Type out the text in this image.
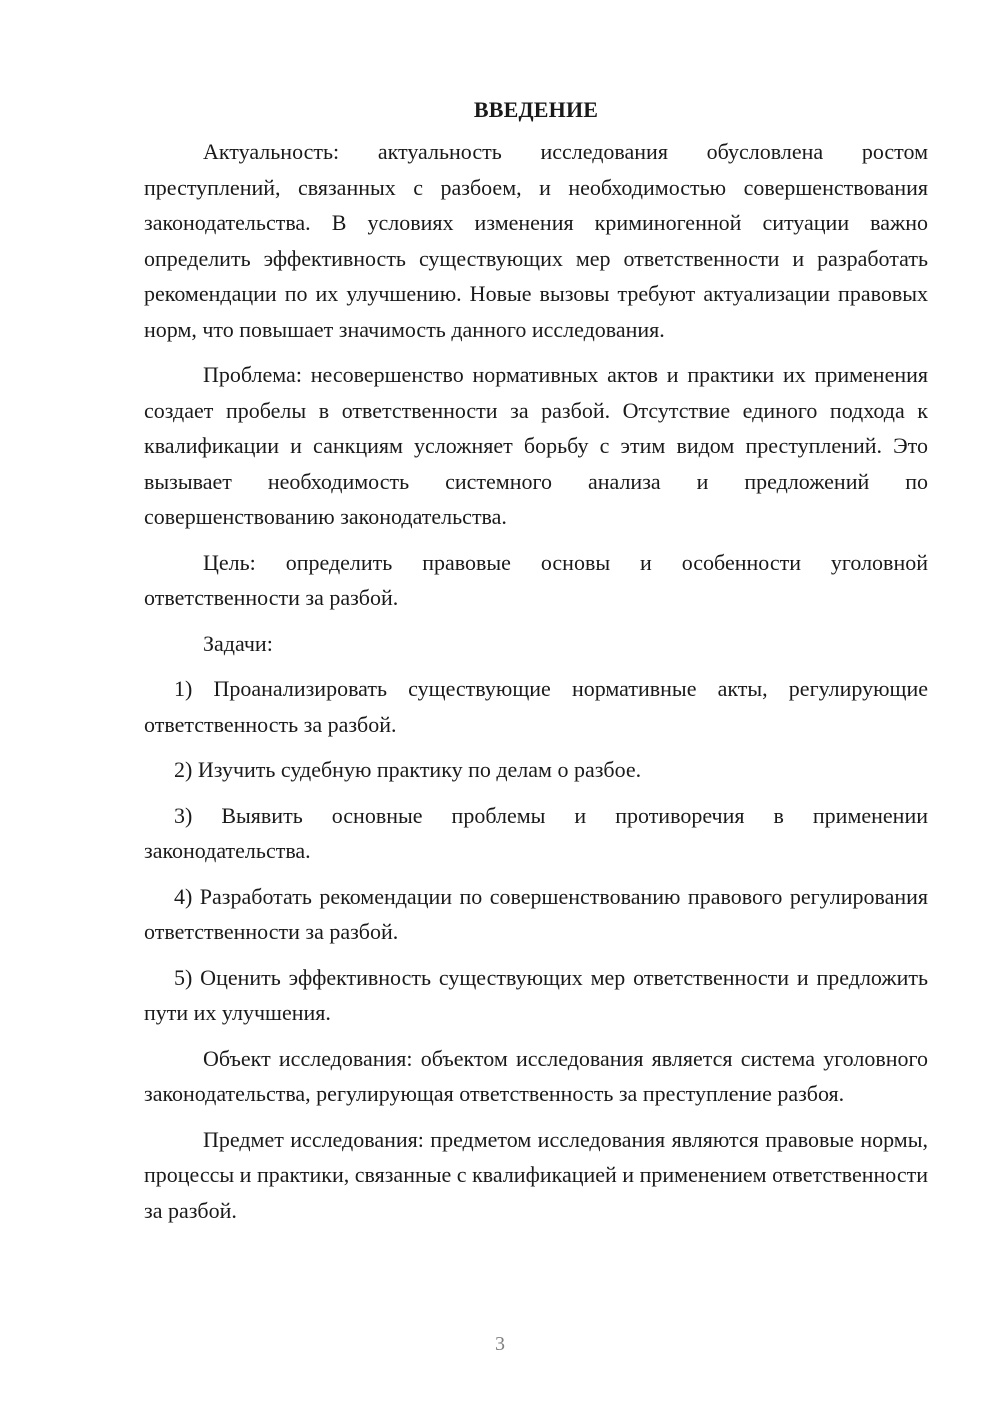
ВВЕДЕНИЕ

Актуальность: актуальность исследования обусловлена ростом преступлений, связанных с разбоем, и необходимостью совершенствования законодательства. В условиях изменения криминогенной ситуации важно определить эффективность существующих мер ответственности и разработать рекомендации по их улучшению. Новые вызовы требуют актуализации правовых норм, что повышает значимость данного исследования.

Проблема: несовершенство нормативных актов и практики их применения создает пробелы в ответственности за разбой. Отсутствие единого подхода к квалификации и санкциям усложняет борьбу с этим видом преступлений. Это вызывает необходимость системного анализа и предложений по совершенствованию законодательства.

Цель: определить правовые основы и особенности уголовной ответственности за разбой.

Задачи:

1) Проанализировать существующие нормативные акты, регулирующие ответственность за разбой.

2) Изучить судебную практику по делам о разбое.

3) Выявить основные проблемы и противоречия в применении законодательства.

4) Разработать рекомендации по совершенствованию правового регулирования ответственности за разбой.

5) Оценить эффективность существующих мер ответственности и предложить пути их улучшения.

Объект исследования: объектом исследования является система уголовного законодательства, регулирующая ответственность за преступление разбоя.

Предмет исследования: предметом исследования являются правовые нормы, процессы и практики, связанные с квалификацией и применением ответственности за разбой.

3
